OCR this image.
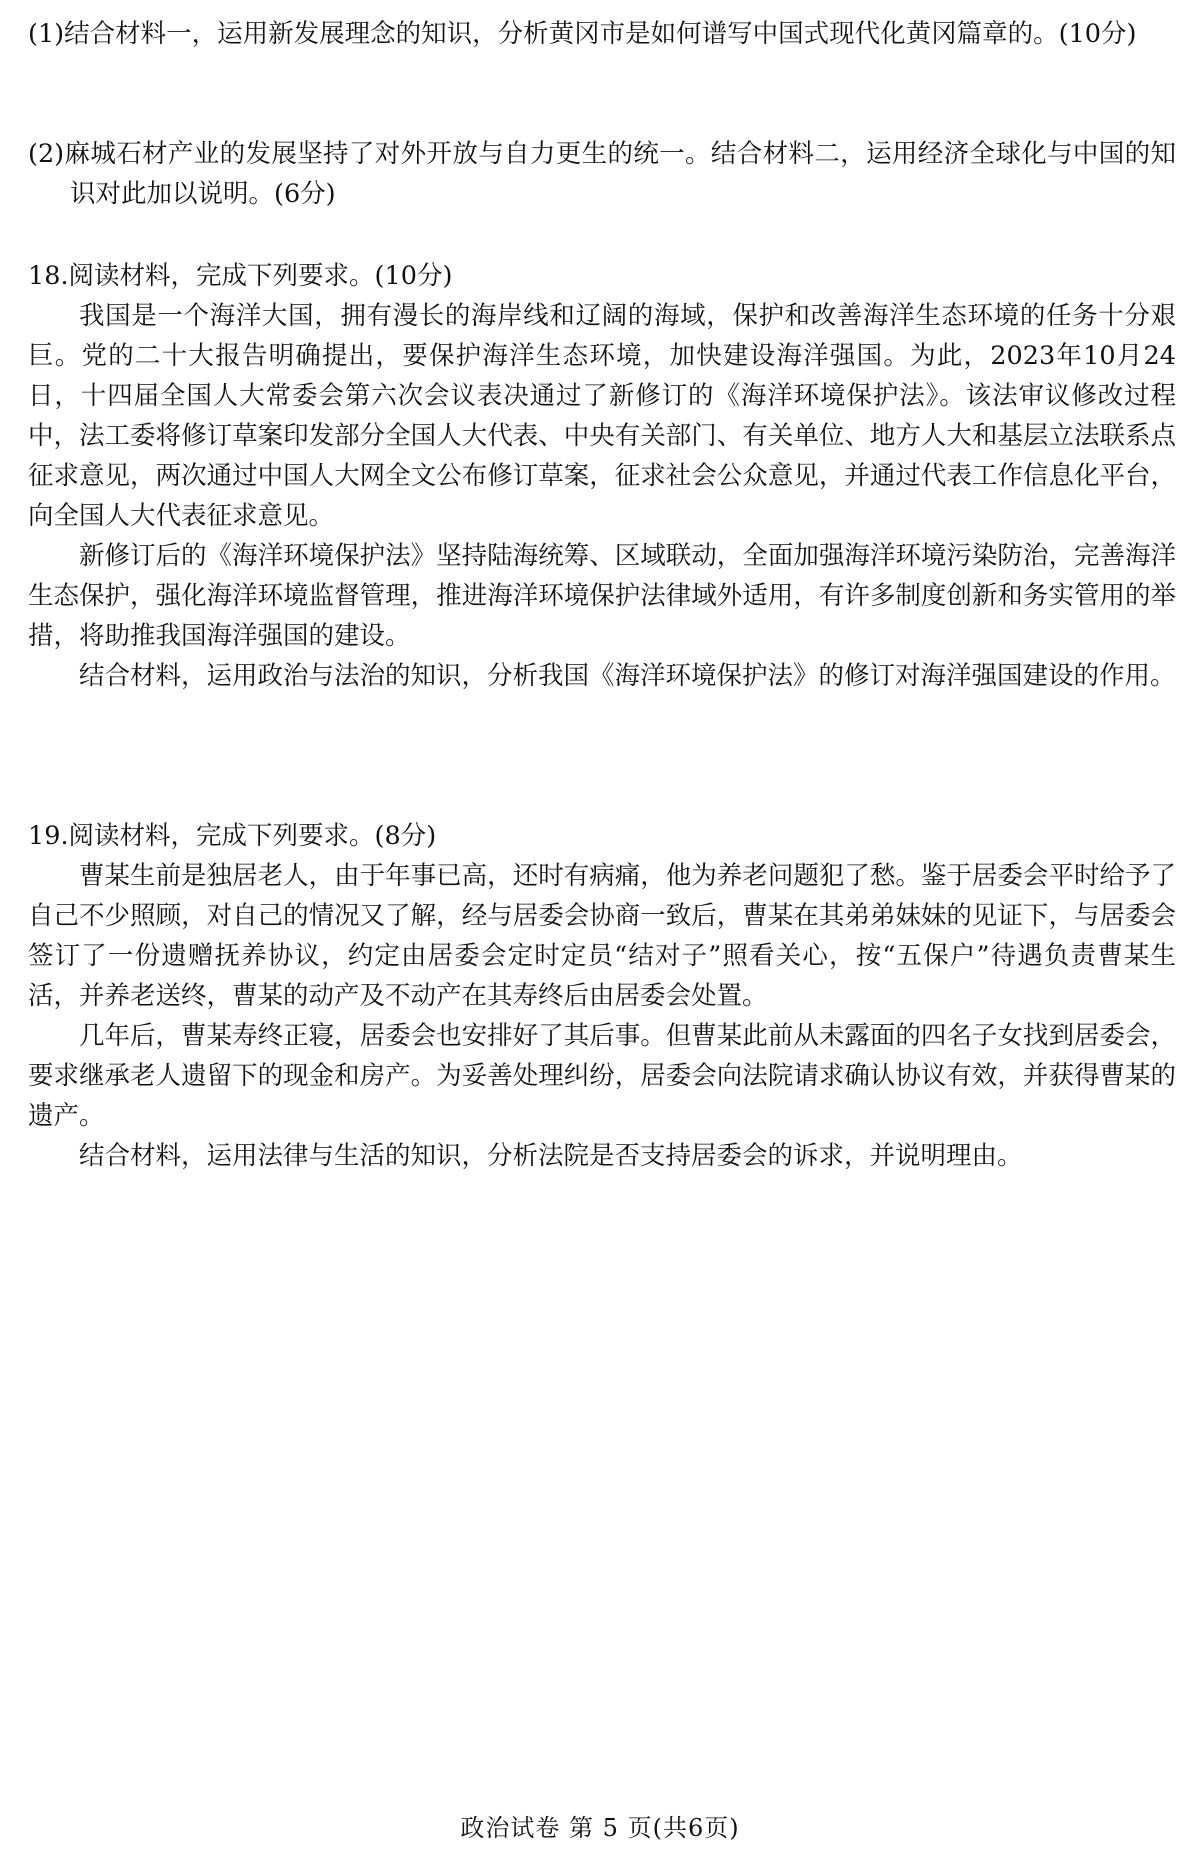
(1)结合材料一，运用新发展理念的知识，分析黄冈市是如何谱写中国式现代化黄冈篇章的。(10分)

(2)麻城石材产业的发展坚持了对外开放与自力更生的统一。结合材料二，运用经济全球化与中国的知识对此加以说明。(6分)

18.阅读材料，完成下列要求。(10分)

我国是一个海洋大国，拥有漫长的海岸线和辽阔的海域，保护和改善海洋生态环境的任务十分艰巨。党的二十大报告明确提出，要保护海洋生态环境，加快建设海洋强国。为此，2023年10月24日，十四届全国人大常委会第六次会议表决通过了新修订的《海洋环境保护法》。该法审议修改过程中，法工委将修订草案印发部分全国人大代表、中央有关部门、有关单位、地方人大和基层立法联系点征求意见，两次通过中国人大网全文公布修订草案，征求社会公众意见，并通过代表工作信息化平台，向全国人大代表征求意见。

新修订后的《海洋环境保护法》坚持陆海统筹、区域联动，全面加强海洋环境污染防治，完善海洋生态保护，强化海洋环境监督管理，推进海洋环境保护法律域外适用，有许多制度创新和务实管用的举措，将助推我国海洋强国的建设。

结合材料，运用政治与法治的知识，分析我国《海洋环境保护法》的修订对海洋强国建设的作用。

19.阅读材料，完成下列要求。(8分)

曹某生前是独居老人，由于年事已高，还时有病痛，他为养老问题犯了愁。鉴于居委会平时给予了自己不少照顾，对自己的情况又了解，经与居委会协商一致后，曹某在其弟弟妹妹的见证下，与居委会签订了一份遗赠抚养协议，约定由居委会定时定员“结对子”照看关心，按“五保户”待遇负责曹某生活，并养老送终，曹某的动产及不动产在其寿终后由居委会处置。

几年后，曹某寿终正寝，居委会也安排好了其后事。但曹某此前从未露面的四名子女找到居委会，要求继承老人遗留下的现金和房产。为妥善处理纠纷，居委会向法院请求确认协议有效，并获得曹某的遗产。

结合材料，运用法律与生活的知识，分析法院是否支持居委会的诉求，并说明理由。

政治试卷 第 5 页(共6页)
